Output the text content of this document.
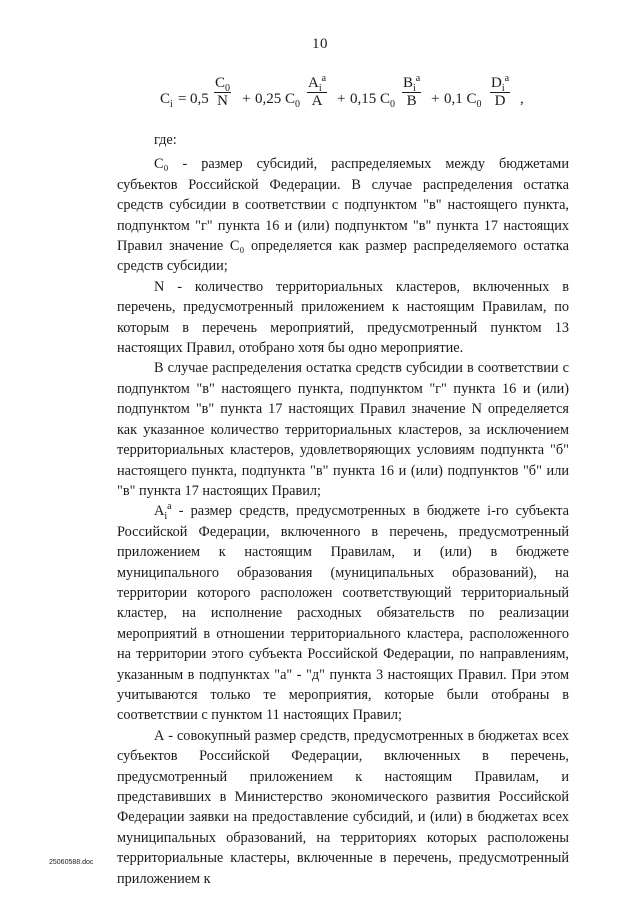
10
$C_i = 0,5$
$C_0$
N + 0,25 $C_0$
$A_i^a$
A + 0,15 $C_0$
$B_i^a$
B + 0,1 $C_0$
$D_i^a$
D ,

где:

C₀ - размер субсидий, распределяемых между бюджетами субъектов Российской Федерации. В случае распределения остатка средств субсидии в соответствии с подпунктом "в" настоящего пункта, подпунктом "г" пункта 16 и (или) подпунктом "в" пункта 17 настоящих Правил значение C₀ определяется как размер распределяемого остатка средств субсидии;

N - количество территориальных кластеров, включенных в перечень, предусмотренный приложением к настоящим Правилам, по которым в перечень мероприятий, предусмотренный пунктом 13 настоящих Правил, отобрано хотя бы одно мероприятие.

В случае распределения остатка средств субсидии в соответствии с подпунктом "в" настоящего пункта, подпунктом "г" пункта 16 и (или) подпунктом "в" пункта 17 настоящих Правил значение N определяется как указанное количество территориальных кластеров, за исключением территориальных кластеров, удовлетворяющих условиям подпункта "б" настоящего пункта, подпункта "в" пункта 16 и (или) подпунктов "б" или "в" пункта 17 настоящих Правил;

$A_i^a$ - размер средств, предусмотренных в бюджете i-го субъекта Российской Федерации, включенного в перечень, предусмотренный приложением к настоящим Правилам, и (или) в бюджете муниципального образования (муниципальных образований), на территории которого расположен соответствующий территориальный кластер, на исполнение расходных обязательств по реализации мероприятий в отношении территориального кластера, расположенного на территории этого субъекта Российской Федерации, по направлениям, указанным в подпунктах "а" - "д" пункта 3 настоящих Правил. При этом учитываются только те мероприятия, которые были отобраны в соответствии с пунктом 11 настоящих Правил;

А - совокупный размер средств, предусмотренных в бюджетах всех субъектов Российской Федерации, включенных в перечень, предусмотренный приложением к настоящим Правилам, и представивших в Министерство экономического развития Российской Федерации заявки на предоставление субсидий, и (или) в бюджетах всех муниципальных образований, на территориях которых расположены территориальные кластеры, включенные в перечень, предусмотренный приложением к

25060588.doc
